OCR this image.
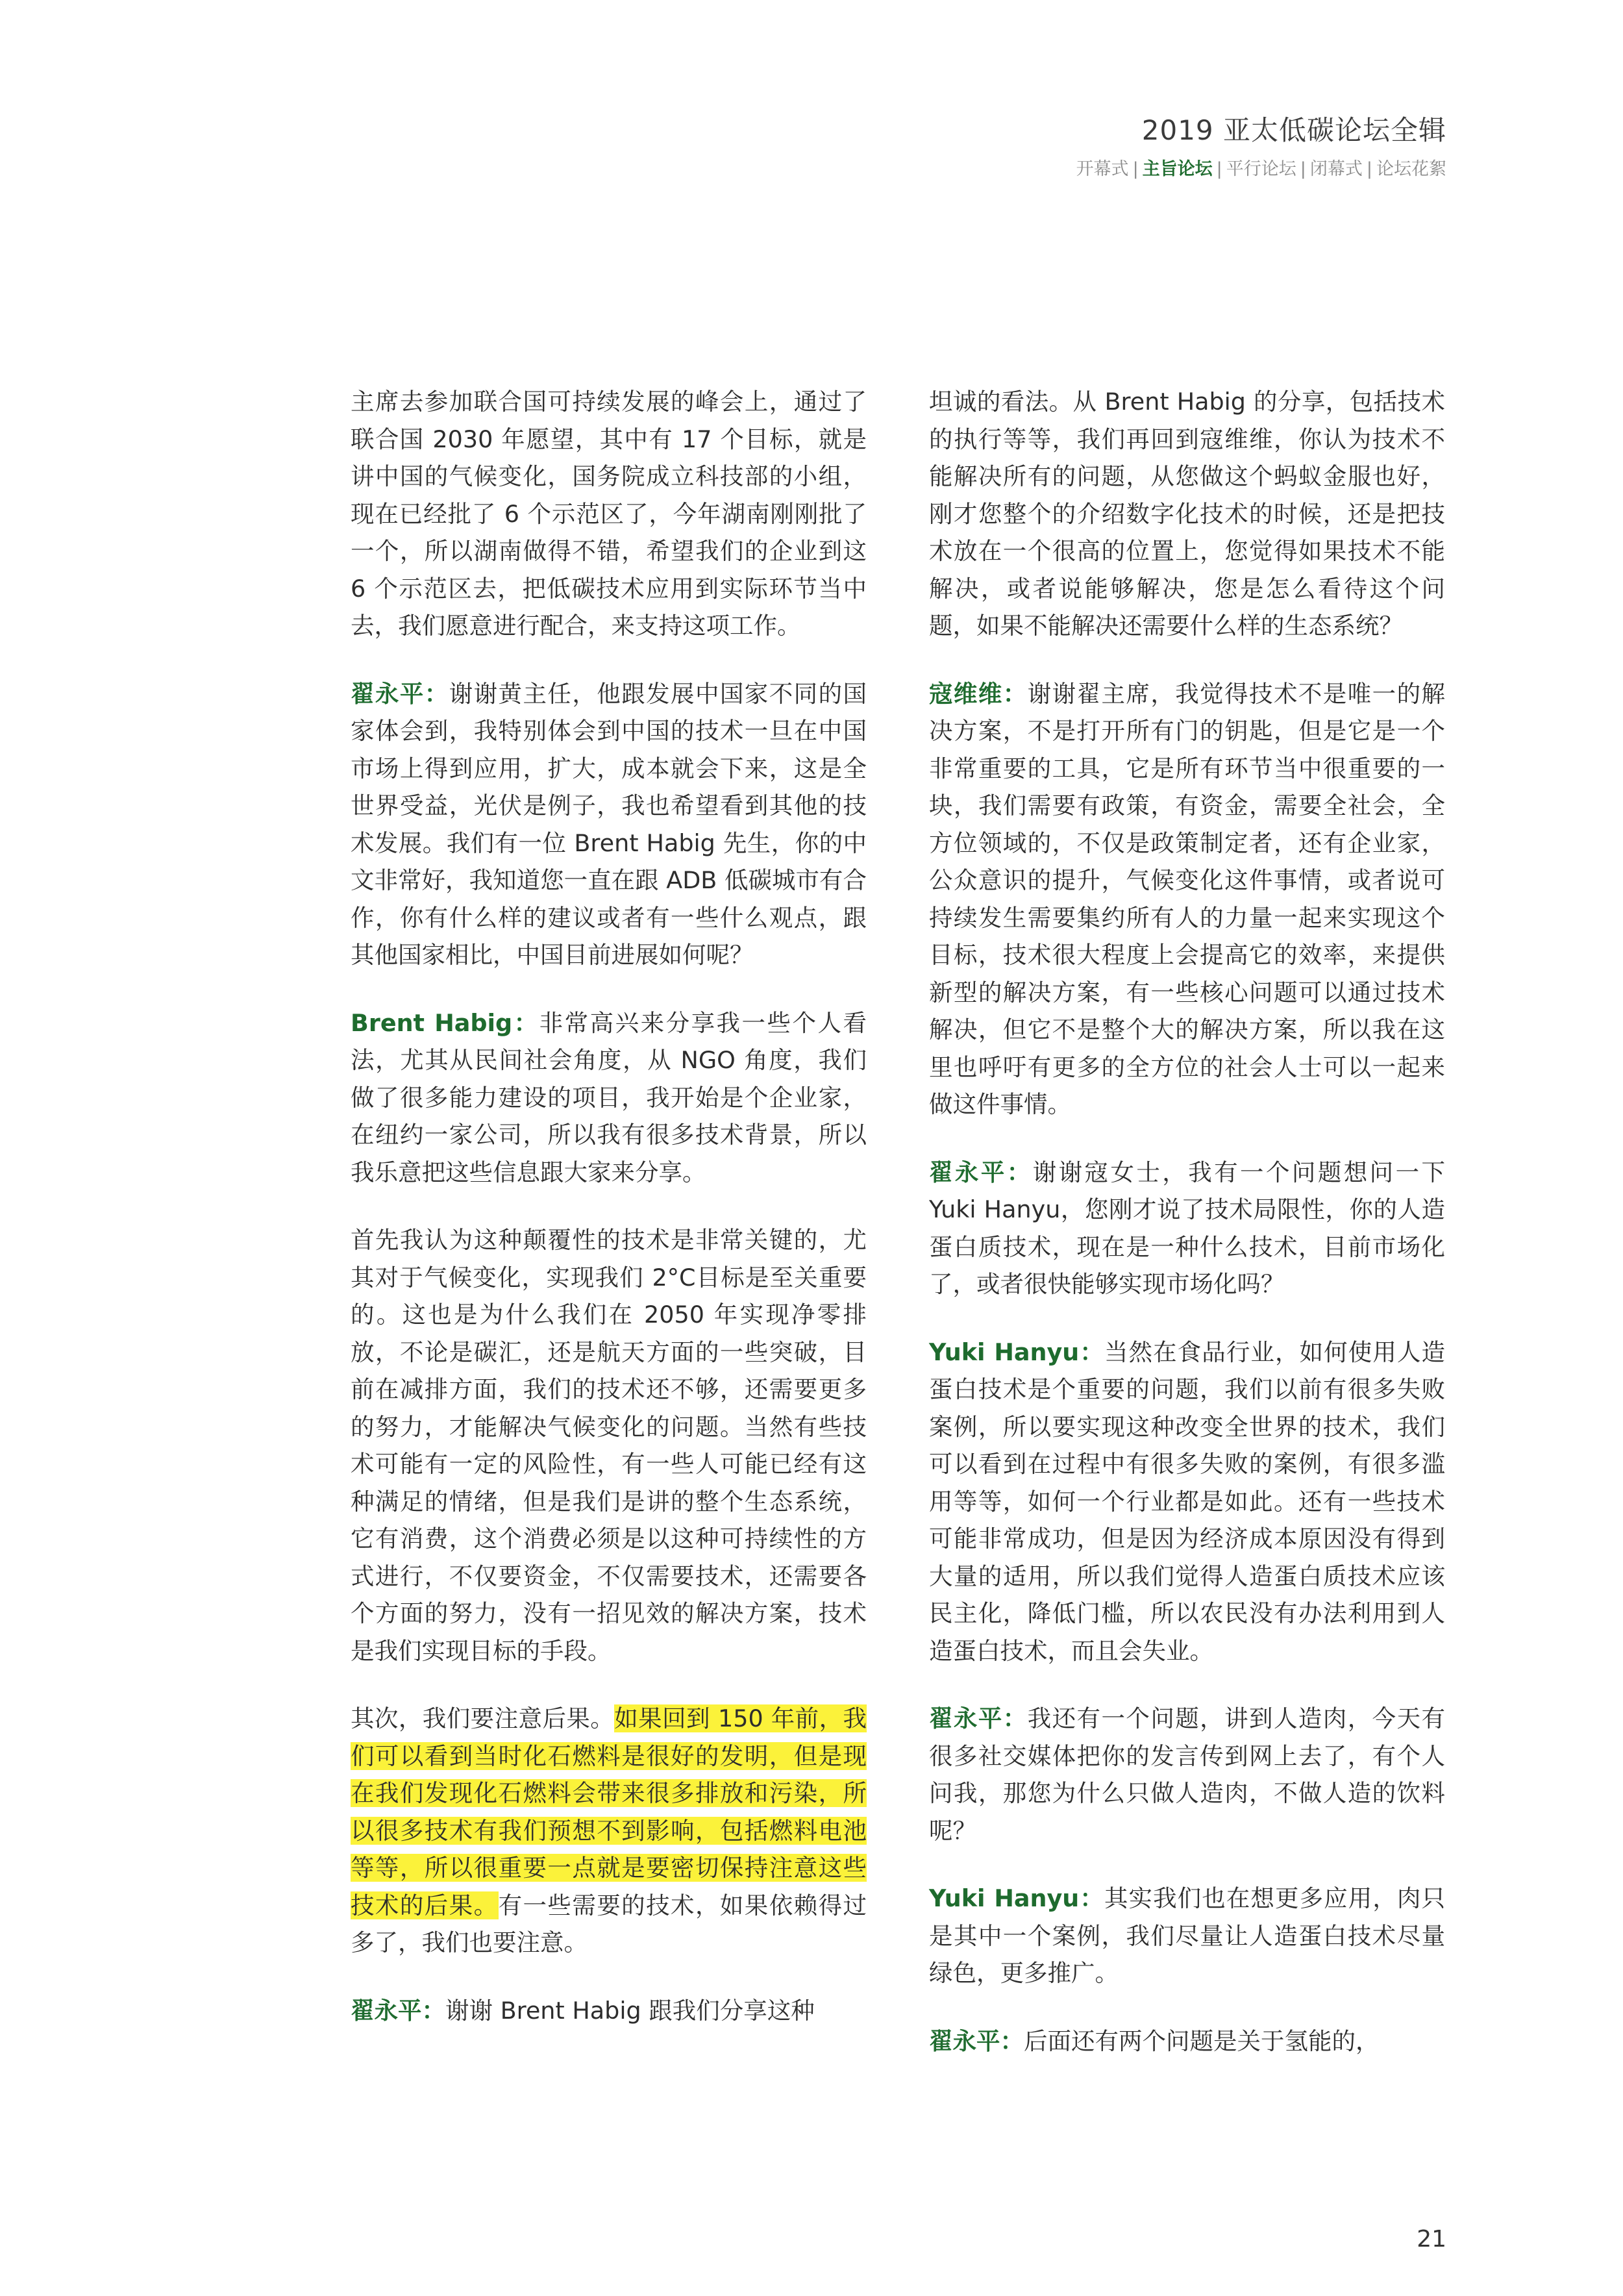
2019 亚太低碳论坛全辑
开幕式 | 主旨论坛 | 平行论坛 | 闭幕式 | 论坛花絮

主席去参加联合国可持续发展的峰会上，通过了联合国 2030 年愿望，其中有 17 个目标，就是讲中国的气候变化，国务院成立科技部的小组，现在已经批了 6 个示范区了，今年湖南刚刚批了一个，所以湖南做得不错，希望我们的企业到这 6 个示范区去，把低碳技术应用到实际环节当中去，我们愿意进行配合，来支持这项工作。

翟永平：谢谢黄主任，他跟发展中国家不同的国家体会到，我特别体会到中国的技术一旦在中国市场上得到应用，扩大，成本就会下来，这是全世界受益，光伏是例子，我也希望看到其他的技术发展。我们有一位 Brent Habig 先生，你的中文非常好，我知道您一直在跟 ADB 低碳城市有合作，你有什么样的建议或者有一些什么观点，跟其他国家相比，中国目前进展如何呢？

Brent Habig：非常高兴来分享我一些个人看法，尤其从民间社会角度，从 NGO 角度，我们做了很多能力建设的项目，我开始是个企业家，在纽约一家公司，所以我有很多技术背景，所以我乐意把这些信息跟大家来分享。

首先我认为这种颠覆性的技术是非常关键的，尤其对于气候变化，实现我们 2°C目标是至关重要的。这也是为什么我们在 2050 年实现净零排放，不论是碳汇，还是航天方面的一些突破，目前在减排方面，我们的技术还不够，还需要更多的努力，才能解决气候变化的问题。当然有些技术可能有一定的风险性，有一些人可能已经有这种满足的情绪，但是我们是讲的整个生态系统，它有消费，这个消费必须是以这种可持续性的方式进行，不仅要资金，不仅需要技术，还需要各个方面的努力，没有一招见效的解决方案，技术是我们实现目标的手段。

其次，我们要注意后果。如果回到 150 年前，我们可以看到当时化石燃料是很好的发明，但是现在我们发现化石燃料会带来很多排放和污染，所以很多技术有我们预想不到影响，包括燃料电池等等，所以很重要一点就是要密切保持注意这些技术的后果。有一些需要的技术，如果依赖得过多了，我们也要注意。

翟永平：谢谢 Brent Habig 跟我们分享这种

坦诚的看法。从 Brent Habig 的分享，包括技术的执行等等，我们再回到寇维维，你认为技术不能解决所有的问题，从您做这个蚂蚁金服也好，刚才您整个的介绍数字化技术的时候，还是把技术放在一个很高的位置上，您觉得如果技术不能解决，或者说能够解决，您是怎么看待这个问题，如果不能解决还需要什么样的生态系统？

寇维维：谢谢翟主席，我觉得技术不是唯一的解决方案，不是打开所有门的钥匙，但是它是一个非常重要的工具，它是所有环节当中很重要的一块，我们需要有政策，有资金，需要全社会，全方位领域的，不仅是政策制定者，还有企业家，公众意识的提升，气候变化这件事情，或者说可持续发生需要集约所有人的力量一起来实现这个目标，技术很大程度上会提高它的效率，来提供新型的解决方案，有一些核心问题可以通过技术解决，但它不是整个大的解决方案，所以我在这里也呼吁有更多的全方位的社会人士可以一起来做这件事情。

翟永平：谢谢寇女士，我有一个问题想问一下 Yuki Hanyu，您刚才说了技术局限性，你的人造蛋白质技术，现在是一种什么技术，目前市场化了，或者很快能够实现市场化吗？

Yuki Hanyu：当然在食品行业，如何使用人造蛋白技术是个重要的问题，我们以前有很多失败案例，所以要实现这种改变全世界的技术，我们可以看到在过程中有很多失败的案例，有很多滥用等等，如何一个行业都是如此。还有一些技术可能非常成功，但是因为经济成本原因没有得到大量的适用，所以我们觉得人造蛋白质技术应该民主化，降低门槛，所以农民没有办法利用到人造蛋白技术，而且会失业。

翟永平：我还有一个问题，讲到人造肉，今天有很多社交媒体把你的发言传到网上去了，有个人问我，那您为什么只做人造肉，不做人造的饮料呢？

Yuki Hanyu：其实我们也在想更多应用，肉只是其中一个案例，我们尽量让人造蛋白技术尽量绿色，更多推广。

翟永平：后面还有两个问题是关于氢能的，

21
